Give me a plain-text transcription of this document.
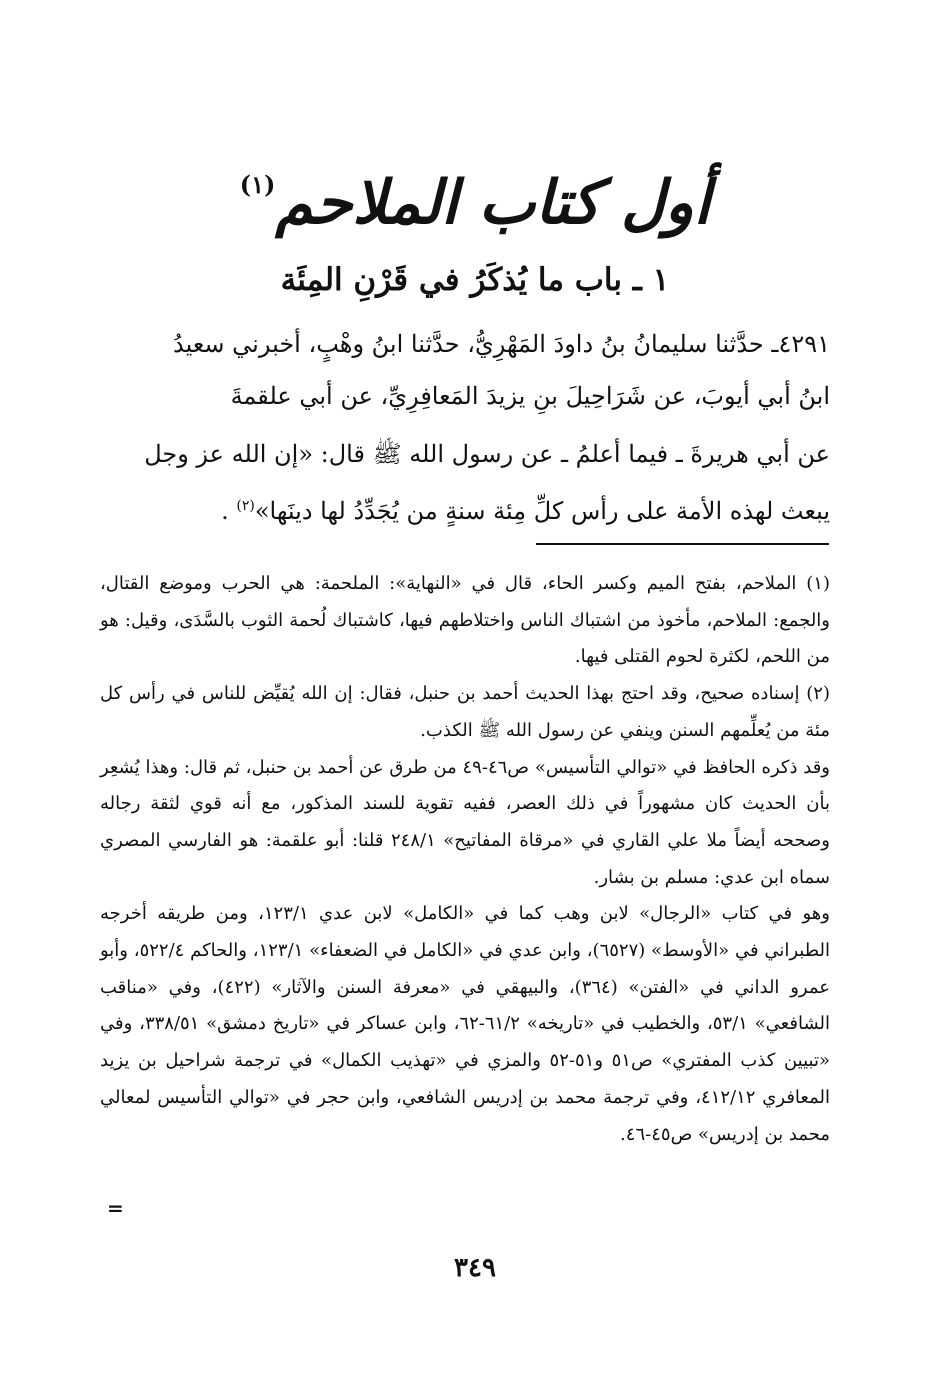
أول كتاب الملاحم$^{(١)}$
١ ـ باب ما يُذكَرُ في قَرْنِ المِئَة

٤٢٩١ـ حدَّثنا سليمانُ بنُ داودَ المَهْرِيُّ، حدَّثنا ابنُ وهْبٍ، أخبرني سعيدُ

ابنُ أبي أيوبَ، عن شَرَاحِيلَ بنِ يزيدَ المَعافِرِيِّ، عن أبي علقمةَ

عن أبي هريرةَ ـ فيما أعلمُ ـ عن رسول الله ﷺ قال: «إن الله عز وجل

يبعث لهذه الأمة على رأس كلِّ مِئة سنةٍ من يُجَدِّدُ لها دينَها»$^{(٢)}$ .

(١) الملاحم، بفتح الميم وكسر الحاء، قال في «النهاية»: الملحمة: هي الحرب وموضع القتال، والجمع: الملاحم، مأخوذ من اشتباك الناس واختلاطهم فيها، كاشتباك لُحمة الثوب بالسَّدَى، وقيل: هو من اللحم، لكثرة لحوم القتلى فيها.

(٢) إسناده صحيح، وقد احتج بهذا الحديث أحمد بن حنبل، فقال: إن الله يُقيِّض للناس في رأس كل مئة من يُعلِّمهم السنن وينفي عن رسول الله ﷺ الكذب.

وقد ذكره الحافظ في «توالي التأسيس» ص٤٦-٤٩ من طرق عن أحمد بن حنبل، ثم قال: وهذا يُشعِر بأن الحديث كان مشهوراً في ذلك العصر، ففيه تقوية للسند المذكور، مع أنه قوي لثقة رجاله وصححه أيضاً ملا علي القاري في «مرقاة المفاتيح» ٢٤٨/١ قلنا: أبو علقمة: هو الفارسي المصري سماه ابن عدي: مسلم بن بشار.

وهو في كتاب «الرجال» لابن وهب كما في «الكامل» لابن عدي ١٢٣/١، ومن طريقه أخرجه الطبراني في «الأوسط» (٦٥٢٧)، وابن عدي في «الكامل في الضعفاء» ١٢٣/١، والحاكم ٥٢٢/٤، وأبو عمرو الداني في «الفتن» (٣٦٤)، والبيهقي في «معرفة السنن والآثار» (٤٢٢)، وفي «مناقب الشافعي» ٥٣/١، والخطيب في «تاريخه» ٦١/٢-٦٢، وابن عساكر في «تاريخ دمشق» ٣٣٨/٥١، وفي «تبيين كذب المفتري» ص٥١ و٥١-٥٢ والمزي في «تهذيب الكمال» في ترجمة شراحيل بن يزيد المعافري ٤١٢/١٢، وفي ترجمة محمد بن إدريس الشافعي، وابن حجر في «توالي التأسيس لمعالي محمد بن إدريس» ص٤٥-٤٦.

=
٣٤٩
